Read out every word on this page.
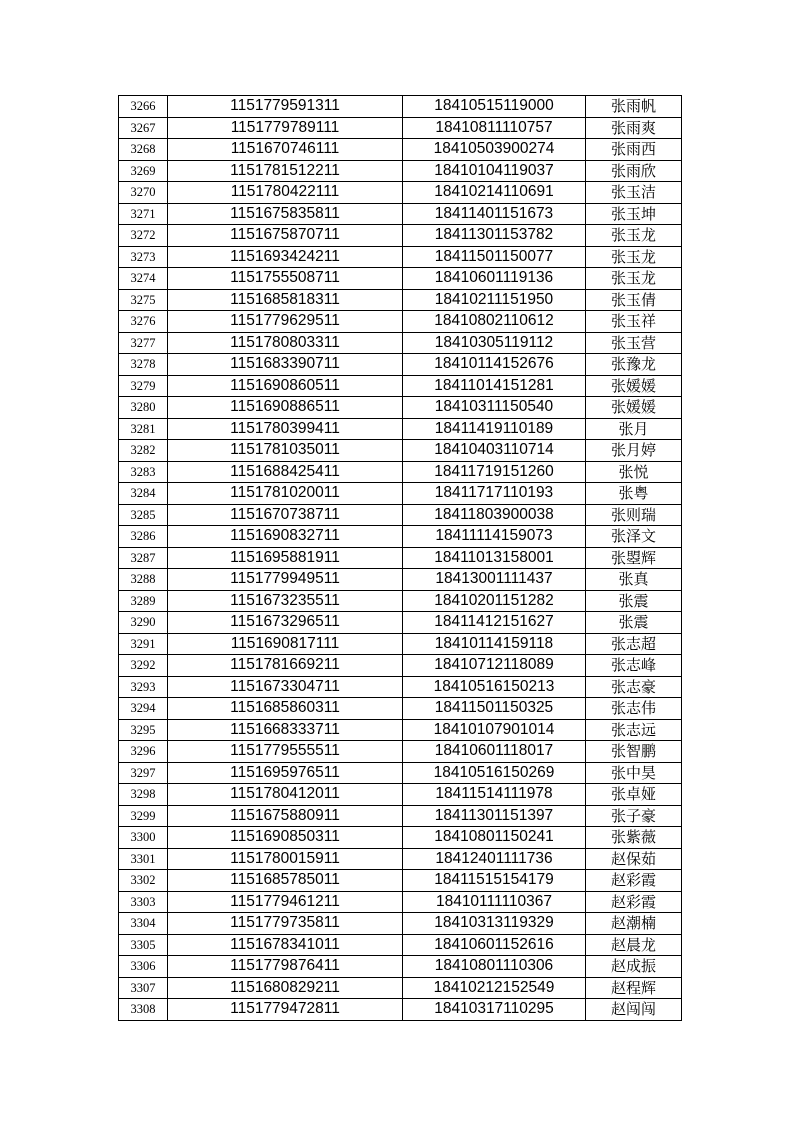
3266	1151779591311	18410515119000	张雨帆
3267	1151779789111	18410811110757	张雨爽
3268	1151670746111	18410503900274	张雨西
3269	1151781512211	18410104119037	张雨欣
3270	1151780422111	18410214110691	张玉洁
3271	1151675835811	18411401151673	张玉坤
3272	1151675870711	18411301153782	张玉龙
3273	1151693424211	18411501150077	张玉龙
3274	1151755508711	18410601119136	张玉龙
3275	1151685818311	18410211151950	张玉倩
3276	1151779629511	18410802110612	张玉祥
3277	1151780803311	18410305119112	张玉营
3278	1151683390711	18410114152676	张豫龙
3279	1151690860511	18411014151281	张媛媛
3280	1151690886511	18410311150540	张媛媛
3281	1151780399411	18411419110189	张月
3282	1151781035011	18410403110714	张月婷
3283	1151688425411	18411719151260	张悦
3284	1151781020011	18411717110193	张粤
3285	1151670738711	18411803900038	张则瑞
3286	1151690832711	18411114159073	张泽文
3287	1151695881911	18411013158001	张曌辉
3288	1151779949511	18413001111437	张真
3289	1151673235511	18410201151282	张震
3290	1151673296511	18411412151627	张震
3291	1151690817111	18410114159118	张志超
3292	1151781669211	18410712118089	张志峰
3293	1151673304711	18410516150213	张志豪
3294	1151685860311	18411501150325	张志伟
3295	1151668333711	18410107901014	张志远
3296	1151779555511	18410601118017	张智鹏
3297	1151695976511	18410516150269	张中昊
3298	1151780412011	18411514111978	张卓娅
3299	1151675880911	18411301151397	张子豪
3300	1151690850311	18410801150241	张紫薇
3301	1151780015911	18412401111736	赵保茹
3302	1151685785011	18411515154179	赵彩霞
3303	1151779461211	18410111110367	赵彩霞
3304	1151779735811	18410313119329	赵潮楠
3305	1151678341011	18410601152616	赵晨龙
3306	1151779876411	18410801110306	赵成振
3307	1151680829211	18410212152549	赵程辉
3308	1151779472811	18410317110295	赵闯闯
